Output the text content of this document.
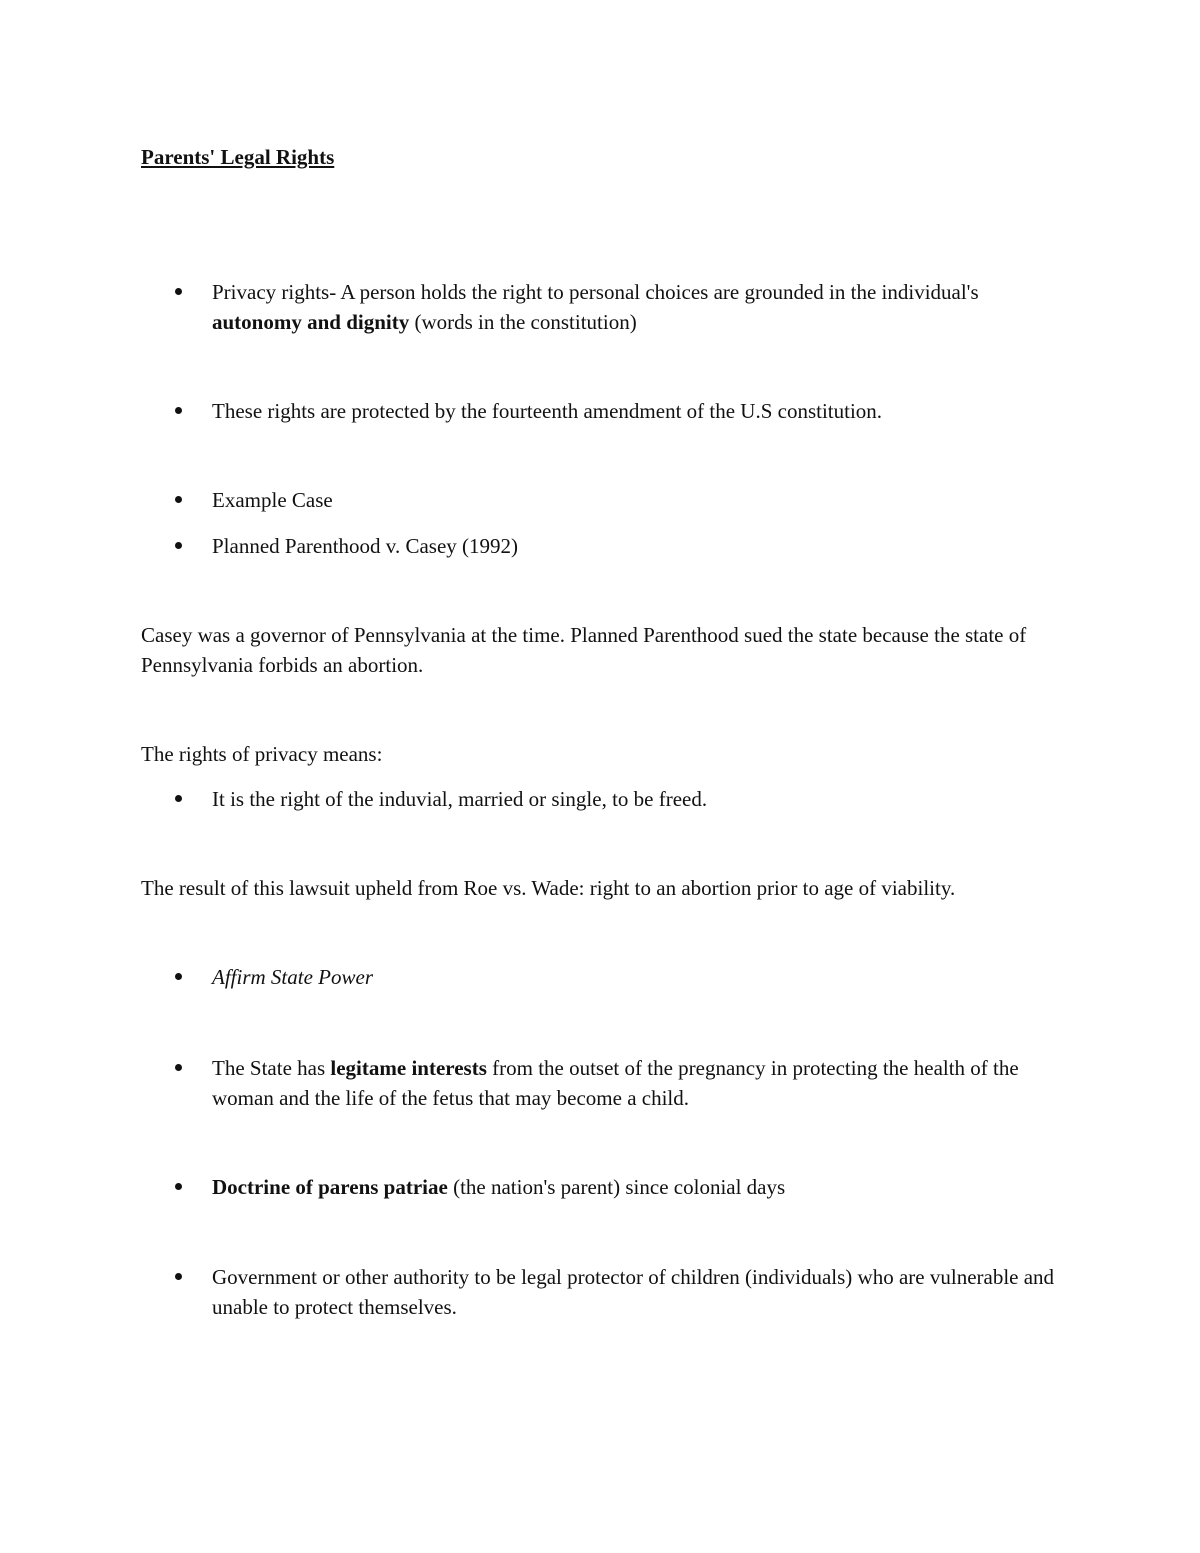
Parents' Legal Rights
Privacy rights- A person holds the right to personal choices are grounded in the individual's autonomy and dignity (words in the constitution)
These rights are protected by the fourteenth amendment of the U.S constitution.
Example Case
Planned Parenthood v. Casey (1992)
Casey was a governor of Pennsylvania at the time. Planned Parenthood sued the state because the state of Pennsylvania forbids an abortion.
The rights of privacy means:
It is the right of the induvial, married or single, to be freed.
The result of this lawsuit upheld from Roe vs. Wade: right to an abortion prior to age of viability.
Affirm State Power
The State has legitame interests from the outset of the pregnancy in protecting the health of the woman and the life of the fetus that may become a child.
Doctrine of parens patriae (the nation's parent) since colonial days
Government or other authority to be legal protector of children (individuals) who are vulnerable and unable to protect themselves.
